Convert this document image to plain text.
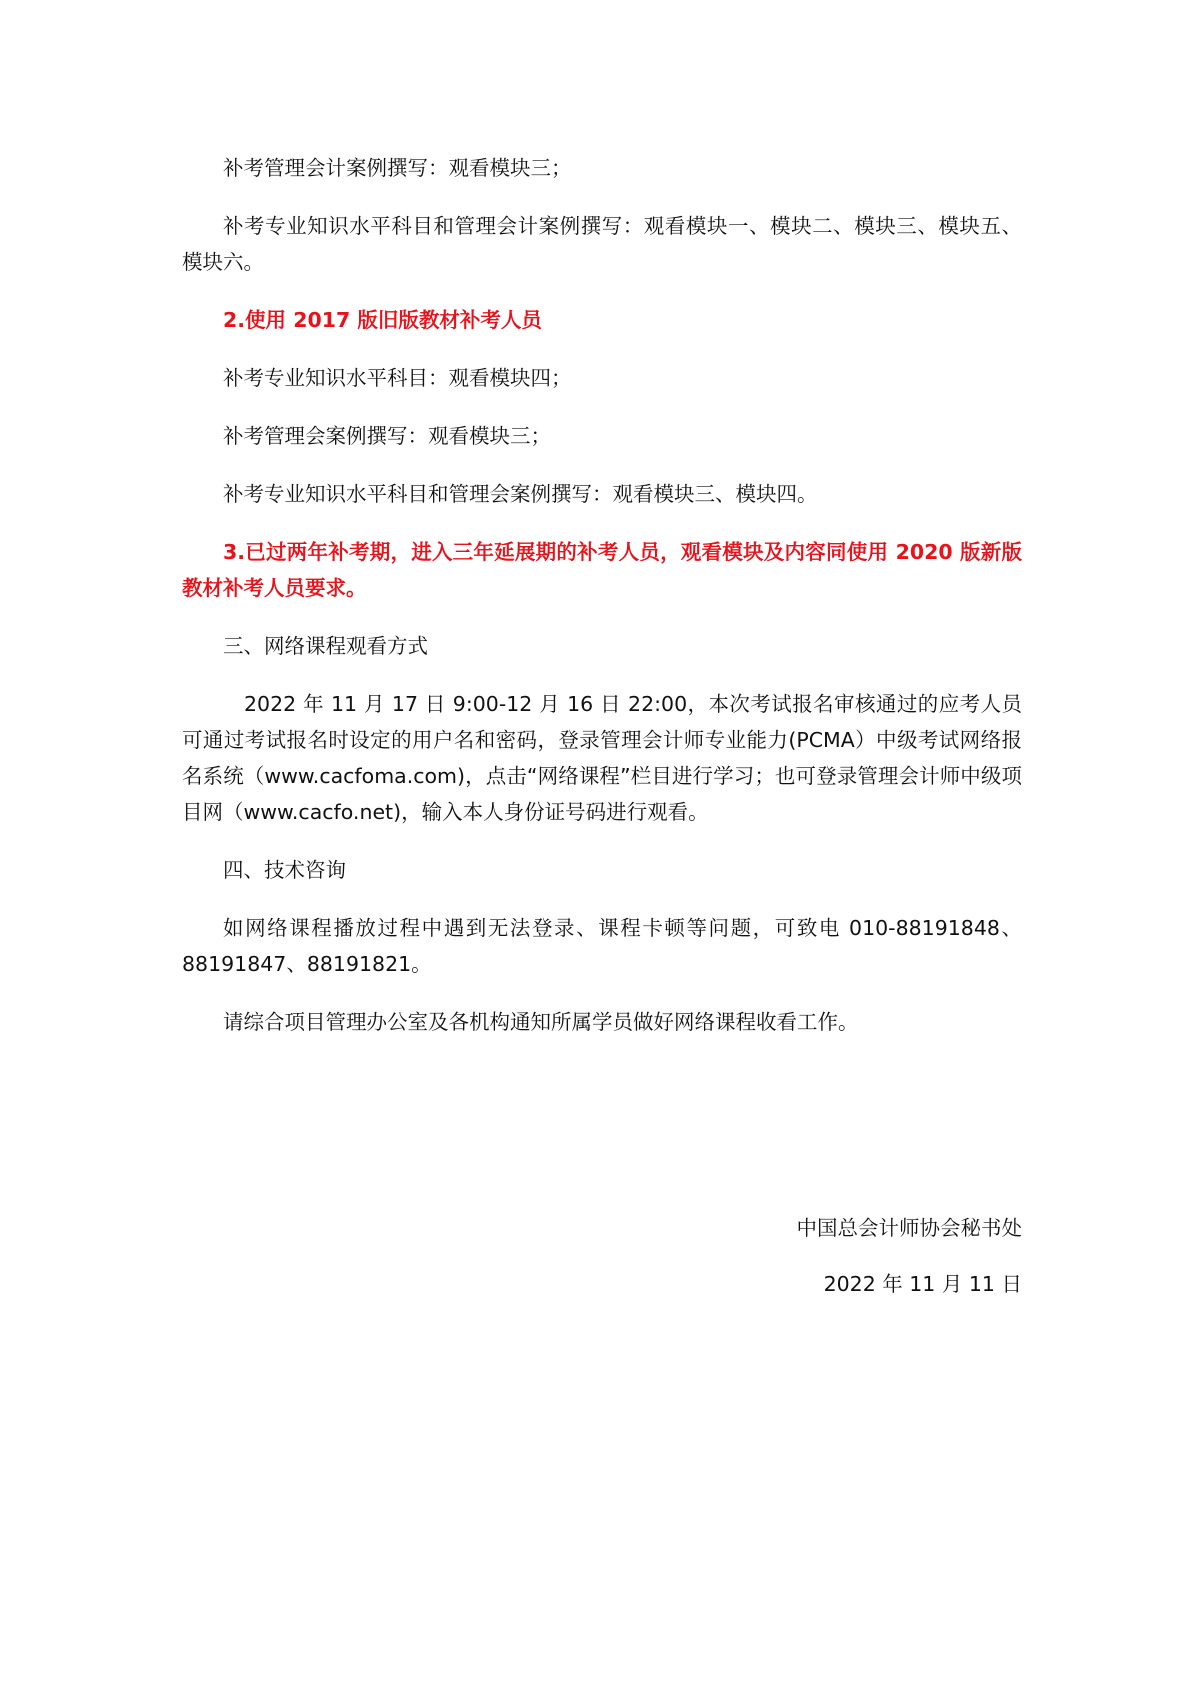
补考管理会计案例撰写：观看模块三；

补考专业知识水平科目和管理会计案例撰写：观看模块一、模块二、模块三、模块五、模块六。

2.使用 2017 版旧版教材补考人员

补考专业知识水平科目：观看模块四；

补考管理会案例撰写：观看模块三；

补考专业知识水平科目和管理会案例撰写：观看模块三、模块四。

3.已过两年补考期，进入三年延展期的补考人员，观看模块及内容同使用 2020 版新版教材补考人员要求。

三、网络课程观看方式

2022 年 11 月 17 日 9:00-12 月 16 日 22:00，本次考试报名审核通过的应考人员可通过考试报名时设定的用户名和密码，登录管理会计师专业能力(PCMA）中级考试网络报名系统（www.cacfoma.com)，点击“网络课程”栏目进行学习；也可登录管理会计师中级项目网（www.cacfo.net)，输入本人身份证号码进行观看。

四、技术咨询

如网络课程播放过程中遇到无法登录、课程卡顿等问题，可致电 010-88191848、88191847、88191821。

请综合项目管理办公室及各机构通知所属学员做好网络课程收看工作。

中国总会计师协会秘书处
2022 年 11 月 11 日
